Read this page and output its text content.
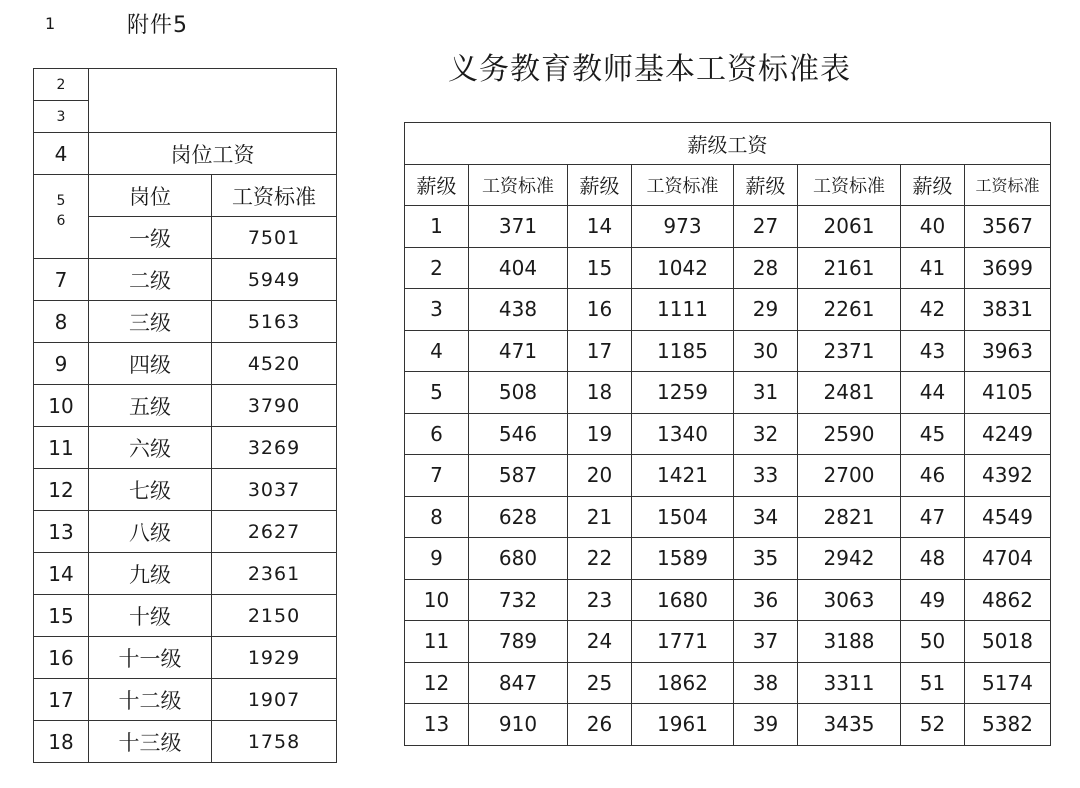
1	附件5
义务教育教师基本工资标准表
2		
3		
4	岗位工资	
5
6	岗位	工资标准
	一级	7501
7	二级	5949
8	三级	5163
9	四级	4520
10	五级	3790
11	六级	3269
12	七级	3037
13	八级	2627
14	九级	2361
15	十级	2150
16	十一级	1929
17	十二级	1907
18	十三级	1758
薪级工资							
薪级	工资标准	薪级	工资标准	薪级	工资标准	薪级	工资标准
1	371	14	973	27	2061	40	3567
2	404	15	1042	28	2161	41	3699
3	438	16	1111	29	2261	42	3831
4	471	17	1185	30	2371	43	3963
5	508	18	1259	31	2481	44	4105
6	546	19	1340	32	2590	45	4249
7	587	20	1421	33	2700	46	4392
8	628	21	1504	34	2821	47	4549
9	680	22	1589	35	2942	48	4704
10	732	23	1680	36	3063	49	4862
11	789	24	1771	37	3188	50	5018
12	847	25	1862	38	3311	51	5174
13	910	26	1961	39	3435	52	5382
